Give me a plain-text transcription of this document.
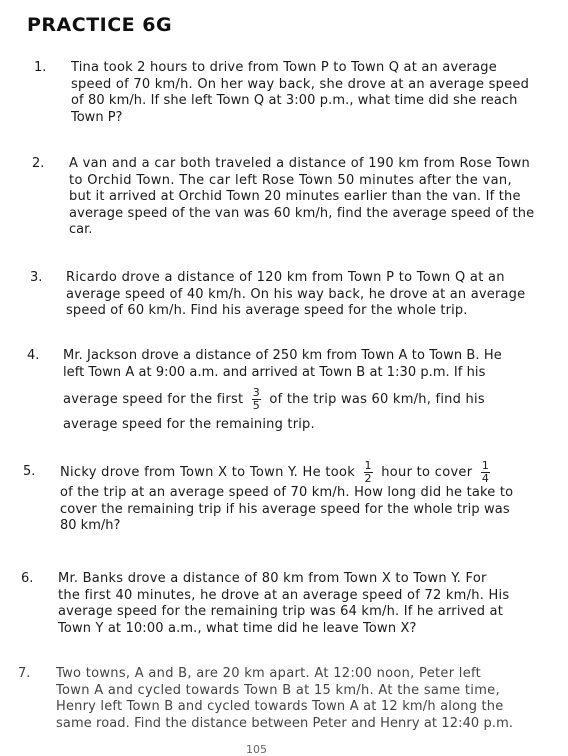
PRACTICE 6G
1. Tina took 2 hours to drive from Town P to Town Q at an average
speed of 70 km/h. On her way back, she drove at an average speed
of 80 km/h. If she left Town Q at 3:00 p.m., what time did she reach
Town P?
2. A van and a car both traveled a distance of 190 km from Rose Town
to Orchid Town. The car left Rose Town 50 minutes after the van,
but it arrived at Orchid Town 20 minutes earlier than the van. If the
average speed of the van was 60 km/h, find the average speed of the
car.
3. Ricardo drove a distance of 120 km from Town P to Town Q at an
average speed of 40 km/h. On his way back, he drove at an average
speed of 60 km/h. Find his average speed for the whole trip.
4. Mr. Jackson drove a distance of 250 km from Town A to Town B. He
left Town A at 9:00 a.m. and arrived at Town B at 1:30 p.m. If his
average speed for the first $\frac{3}{5}$ of the trip was 60 km/h, find his
average speed for the remaining trip.
5. Nicky drove from Town X to Town Y. He took $\frac{1}{2}$ hour to cover $\frac{1}{4}$
of the trip at an average speed of 70 km/h. How long did he take to
cover the remaining trip if his average speed for the whole trip was
80 km/h?
6. Mr. Banks drove a distance of 80 km from Town X to Town Y. For
the first 40 minutes, he drove at an average speed of 72 km/h. His
average speed for the remaining trip was 64 km/h. If he arrived at
Town Y at 10:00 a.m., what time did he leave Town X?
7. Two towns, A and B, are 20 km apart. At 12:00 noon, Peter left
Town A and cycled towards Town B at 15 km/h. At the same time,
Henry left Town B and cycled towards Town A at 12 km/h along the
same road. Find the distance between Peter and Henry at 12:40 p.m.
105
